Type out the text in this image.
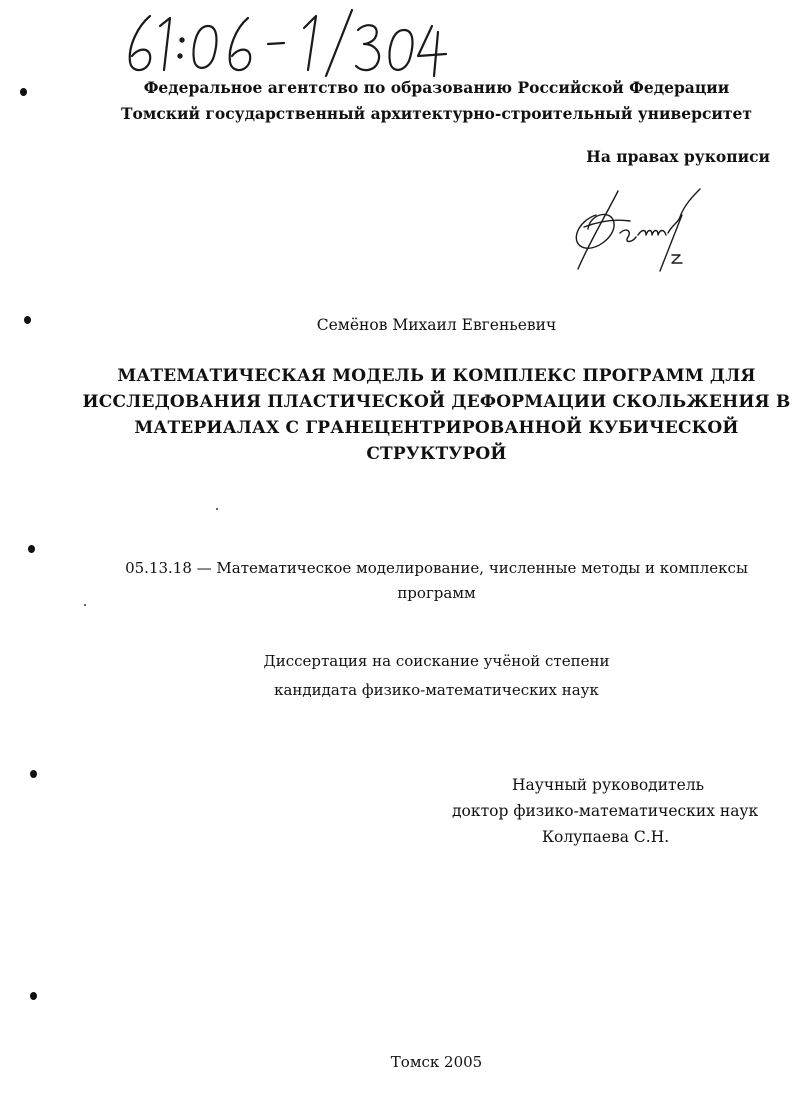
Федеральное агентство по образованию Российской Федерации
Томский государственный архитектурно-строительный университет
На правах рукописи
Семёнов Михаил Евгеньевич
МАТЕМАТИЧЕСКАЯ МОДЕЛЬ И КОМПЛЕКС ПРОГРАММ ДЛЯ
ИССЛЕДОВАНИЯ ПЛАСТИЧЕСКОЙ ДЕФОРМАЦИИ СКОЛЬЖЕНИЯ В
МАТЕРИАЛАХ С ГРАНЕЦЕНТРИРОВАННОЙ КУБИЧЕСКОЙ
СТРУКТУРОЙ
05.13.18 — Математическое моделирование, численные методы и комплексы
программ
Диссертация на соискание учёной степени
кандидата физико-математических наук
Научный руководитель
доктор физико-математических наук
Колупаева С.Н.
Томск 2005
